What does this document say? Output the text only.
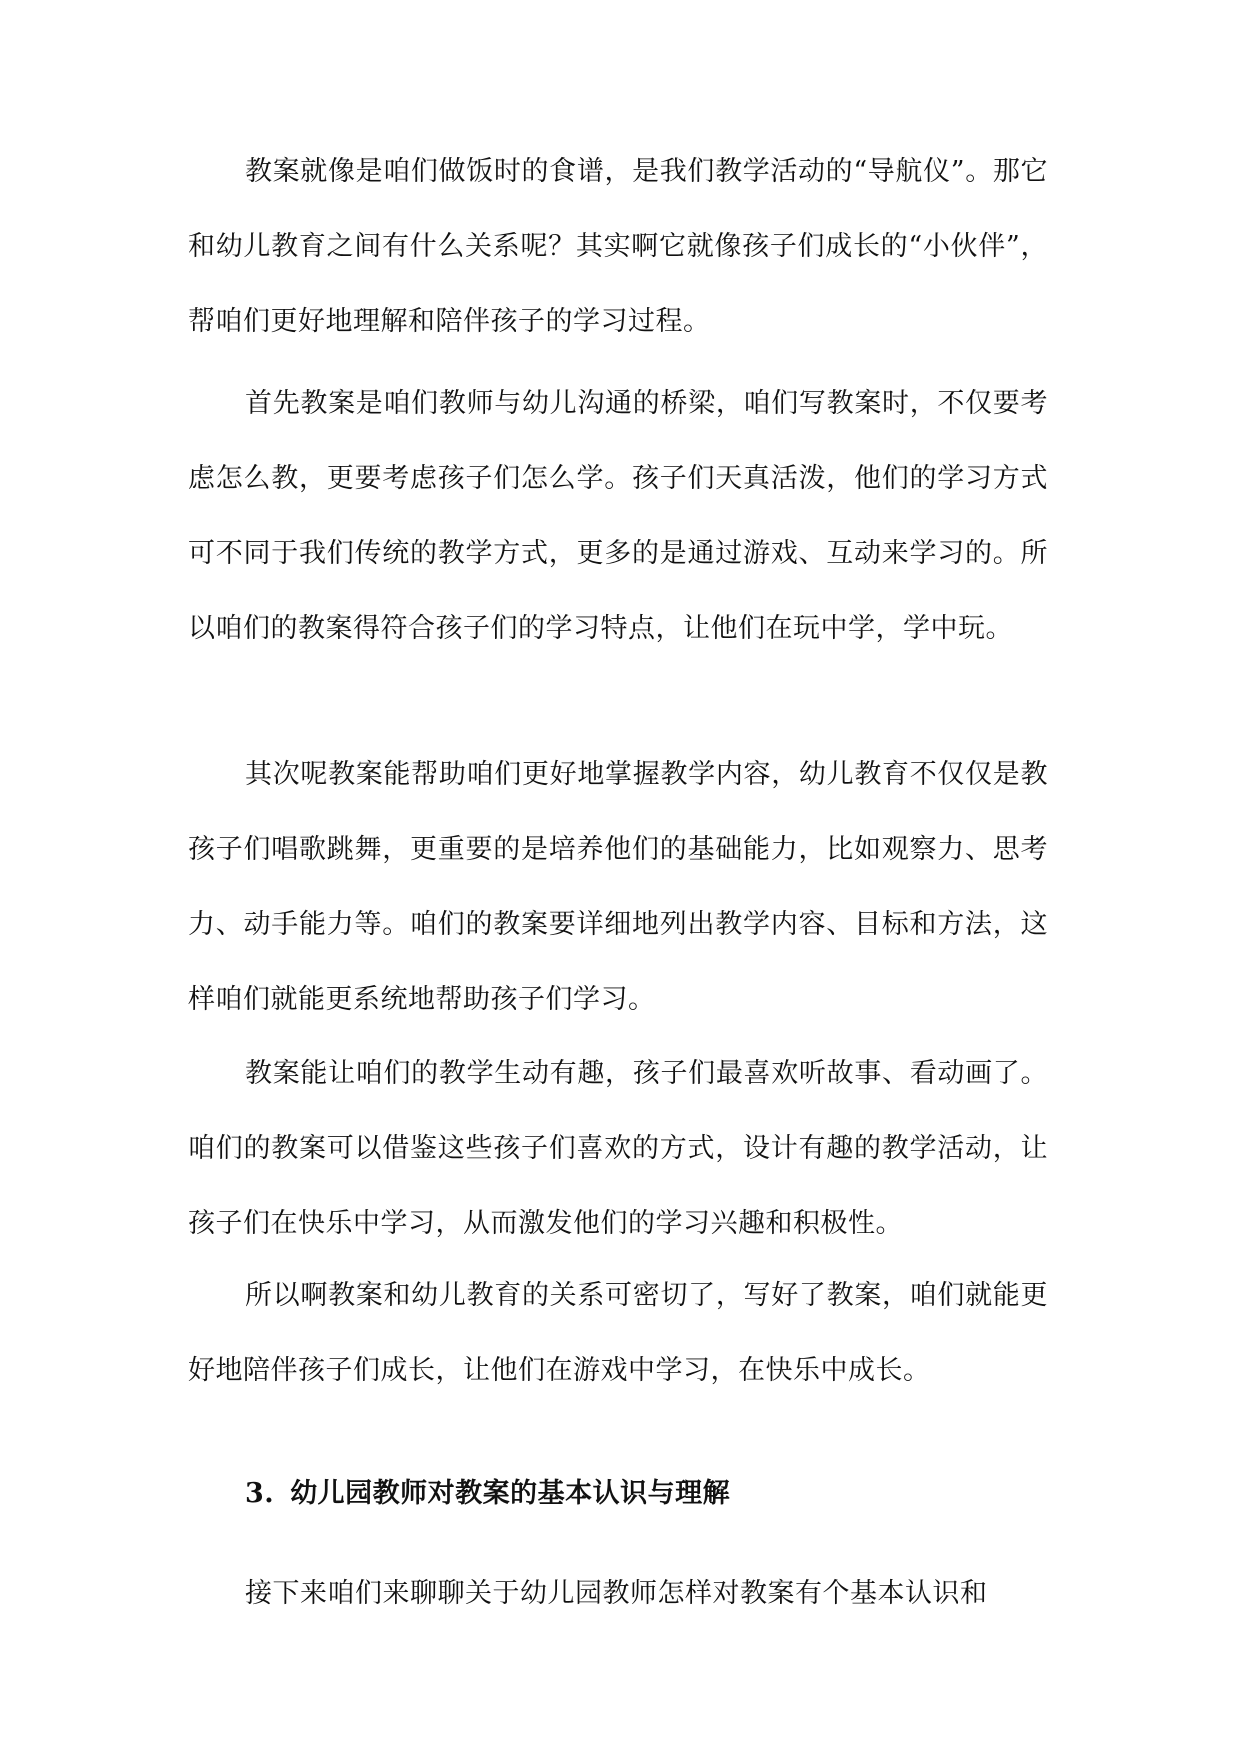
教案就像是咱们做饭时的食谱，是我们教学活动的“导航仪”。那它和幼儿教育之间有什么关系呢？其实啊它就像孩子们成长的“小伙伴”，帮咱们更好地理解和陪伴孩子的学习过程。

首先教案是咱们教师与幼儿沟通的桥梁，咱们写教案时，不仅要考虑怎么教，更要考虑孩子们怎么学。孩子们天真活泼，他们的学习方式可不同于我们传统的教学方式，更多的是通过游戏、互动来学习的。所以咱们的教案得符合孩子们的学习特点，让他们在玩中学，学中玩。

其次呢教案能帮助咱们更好地掌握教学内容，幼儿教育不仅仅是教孩子们唱歌跳舞，更重要的是培养他们的基础能力，比如观察力、思考力、动手能力等。咱们的教案要详细地列出教学内容、目标和方法，这样咱们就能更系统地帮助孩子们学习。

教案能让咱们的教学生动有趣，孩子们最喜欢听故事、看动画了。咱们的教案可以借鉴这些孩子们喜欢的方式，设计有趣的教学活动，让孩子们在快乐中学习，从而激发他们的学习兴趣和积极性。

所以啊教案和幼儿教育的关系可密切了，写好了教案，咱们就能更好地陪伴孩子们成长，让他们在游戏中学习，在快乐中成长。

3. 幼儿园教师对教案的基本认识与理解

接下来咱们来聊聊关于幼儿园教师怎样对教案有个基本认识和
